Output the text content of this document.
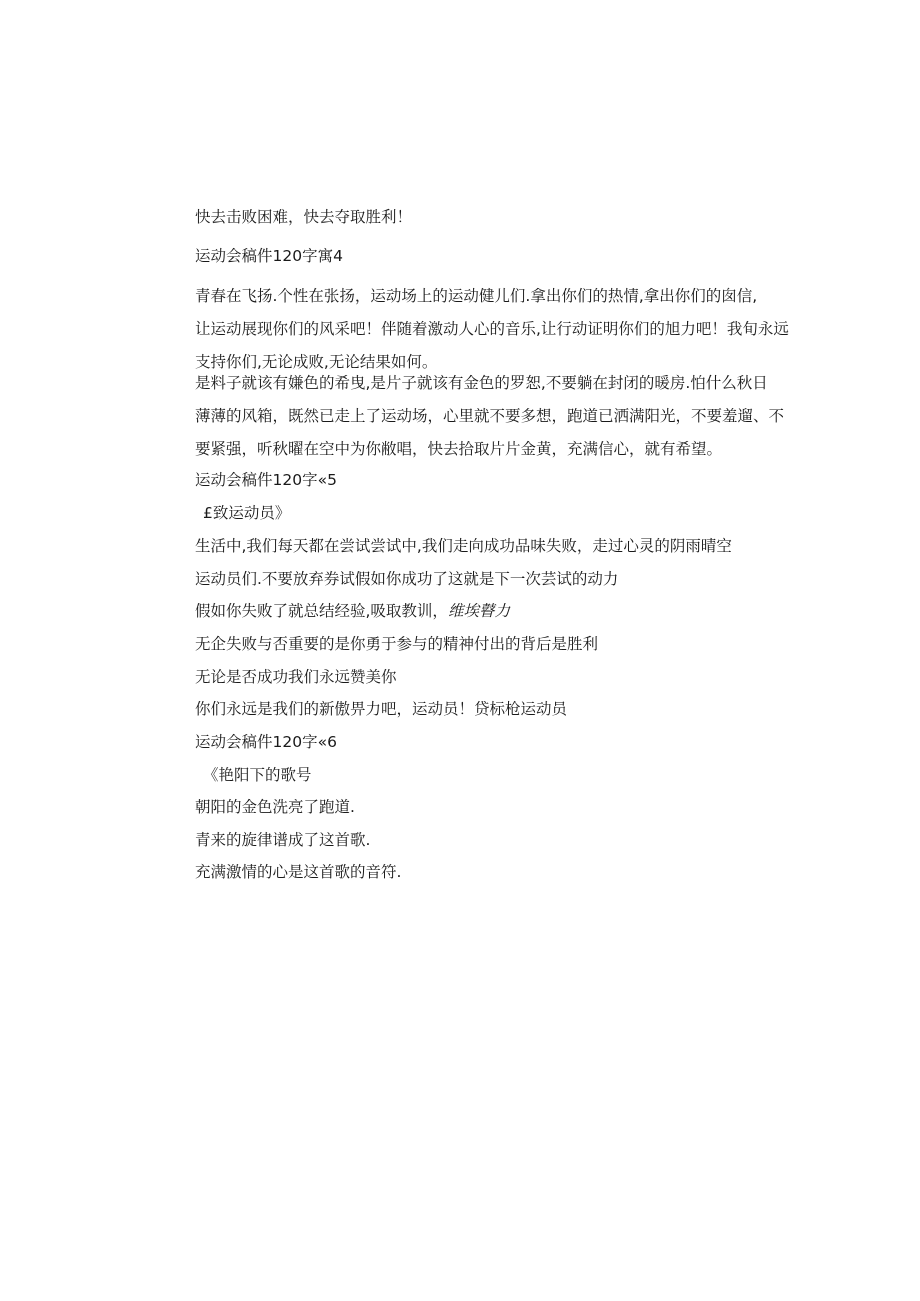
快去击败困难，快去夺取胜利！
运动会稿件120字寓4
青春在飞扬.个性在张扬，运动场上的运动健儿们.拿出你们的热情,拿出你们的囱信,
让运动展现你们的风采吧！伴随着激动人心的音乐,让行动证明你们的旭力吧！我旬永远
支持你们,无论成败,无论结果如何。
是料子就该有嫌色的希曳,是片子就该有金色的罗恕,不要躺在封闭的暖房.怕什么秋日
薄薄的风箱，既然已走上了运动场，心里就不要多想，跑道已洒满阳光，不要羞遛、不
要紧强，听秋曜在空中为你敝唱，快去拾取片片金黄，充满信心，就有希望。
运动会稿件120字«5
£致运动员》
生活中,我们每天都在尝试尝试中,我们走向成功品味失败，走过心灵的阴雨晴空
运动员们.不要放弃券试假如你成功了这就是下一次芸试的动力
假如你失败了就总结经验,吸取教训，维埃瞽力
无企失败与否重要的是你勇于参与的精神付出的背后是胜利
无论是否成功我们永远赞美你
你们永远是我们的新傲畀力吧，运动员！贷标枪运动员
运动会稿件120字«6
《艳阳下的歌号
朝阳的金色洗亮了跑道.
青来的旋律谱成了这首歌.
充满激情的心是这首歌的音符.
